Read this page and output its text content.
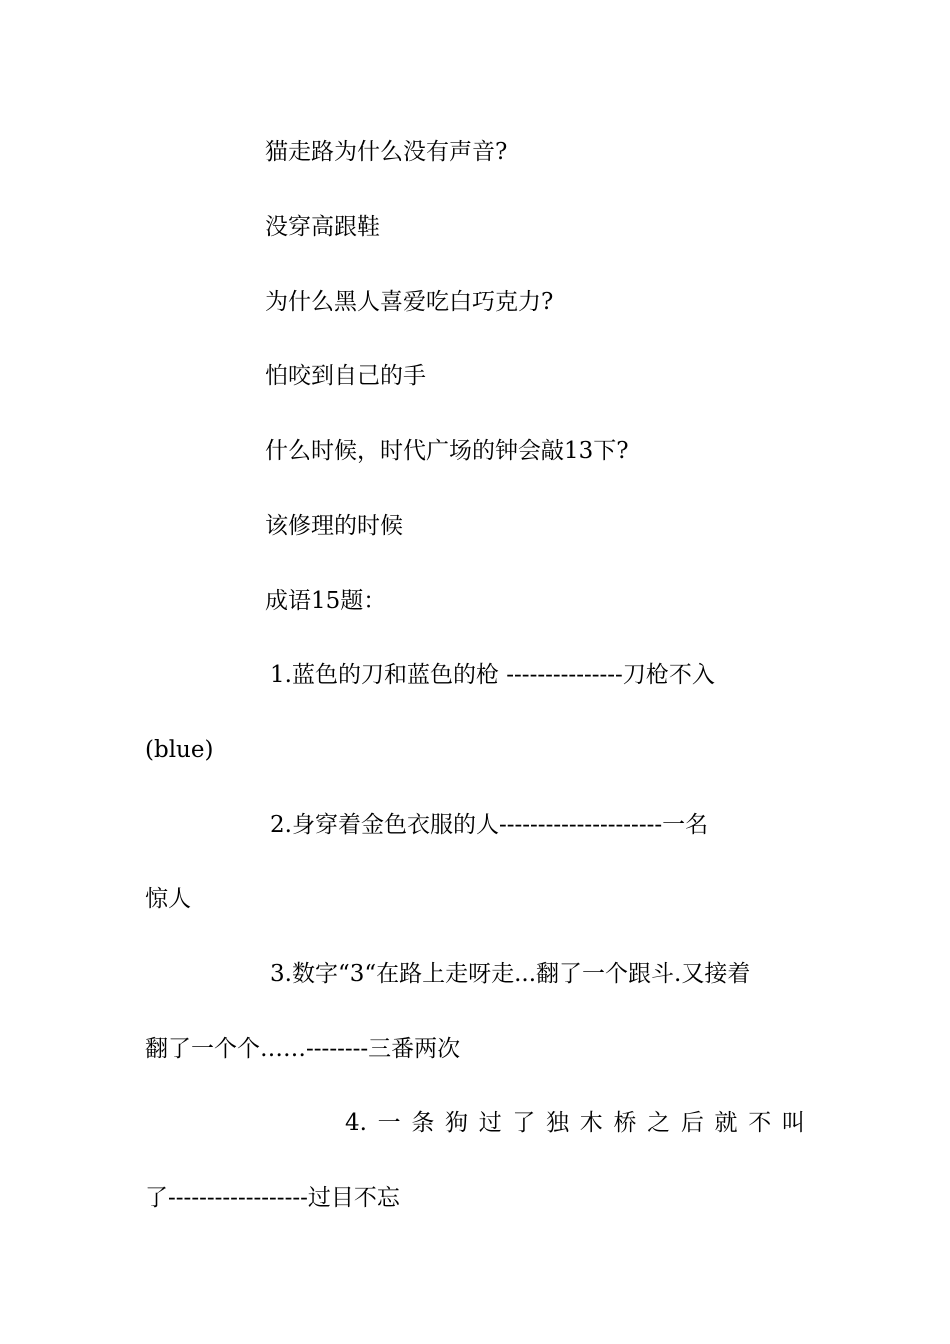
猫走路为什么没有声音?
没穿高跟鞋
为什么黑人喜爱吃白巧克力?
怕咬到自己的手
什么时候，时代广场的钟会敲13下?
该修理的时候
成语15题：
1.蓝色的刀和蓝色的枪 ---------------刀枪不入
(blue)
2.身穿着金色衣服的人---------------------一名
惊人
3.数字“3“在路上走呀走...翻了一个跟斗.又接着
翻了一个个……--------三番两次
4. 一 条 狗 过 了 独 木 桥 之 后 就 不 叫
了------------------过目不忘
